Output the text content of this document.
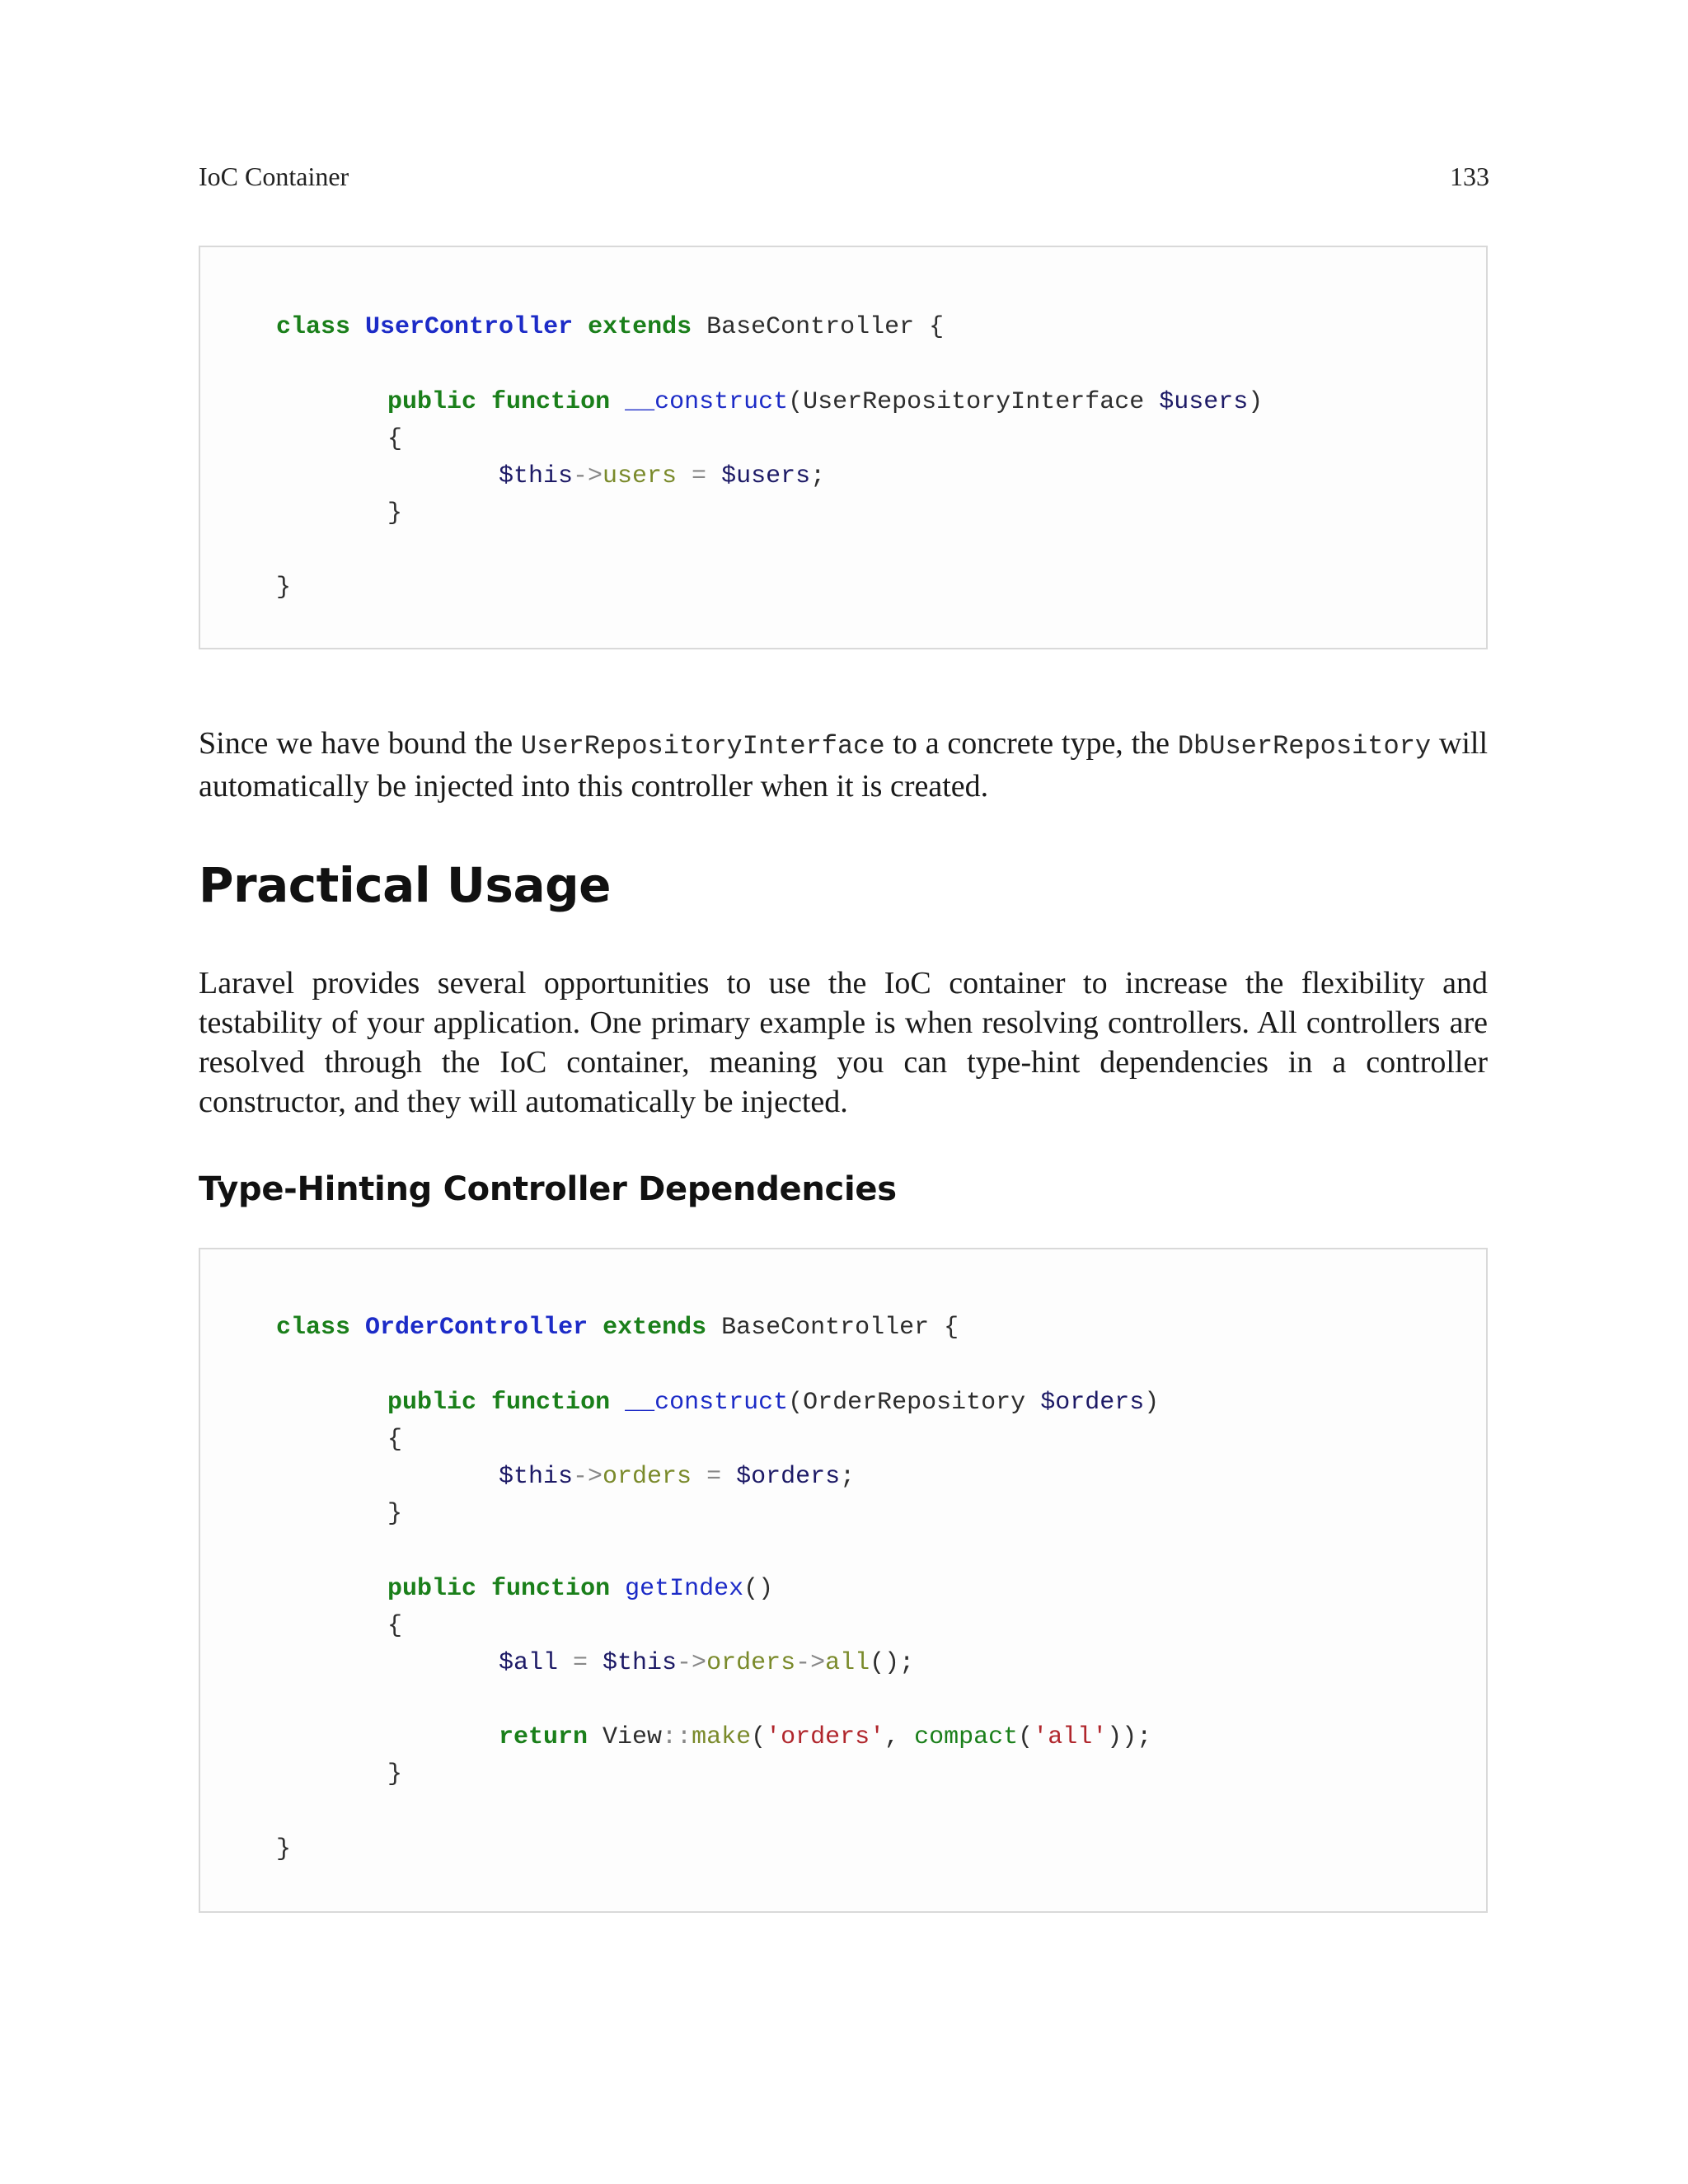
IoC Container	133

class UserController extends BaseController {

public function __construct(UserRepositoryInterface $users)

{

$this->users = $users;

}

}

Since we have bound the UserRepositoryInterface to a concrete type, the DbUserRepository will automatically be injected into this controller when it is created.
Practical Usage
Laravel provides several opportunities to use the IoC container to increase the flexibility and testability of your application. One primary example is when resolving controllers. All controllers are resolved through the IoC container, meaning you can type-hint dependencies in a controller constructor, and they will automatically be injected.
Type-Hinting Controller Dependencies

class OrderController extends BaseController {

public function __construct(OrderRepository $orders)

{

$this->orders = $orders;

}

public function getIndex()

{

$all = $this->orders->all();

return View::make('orders', compact('all'));

}

}
